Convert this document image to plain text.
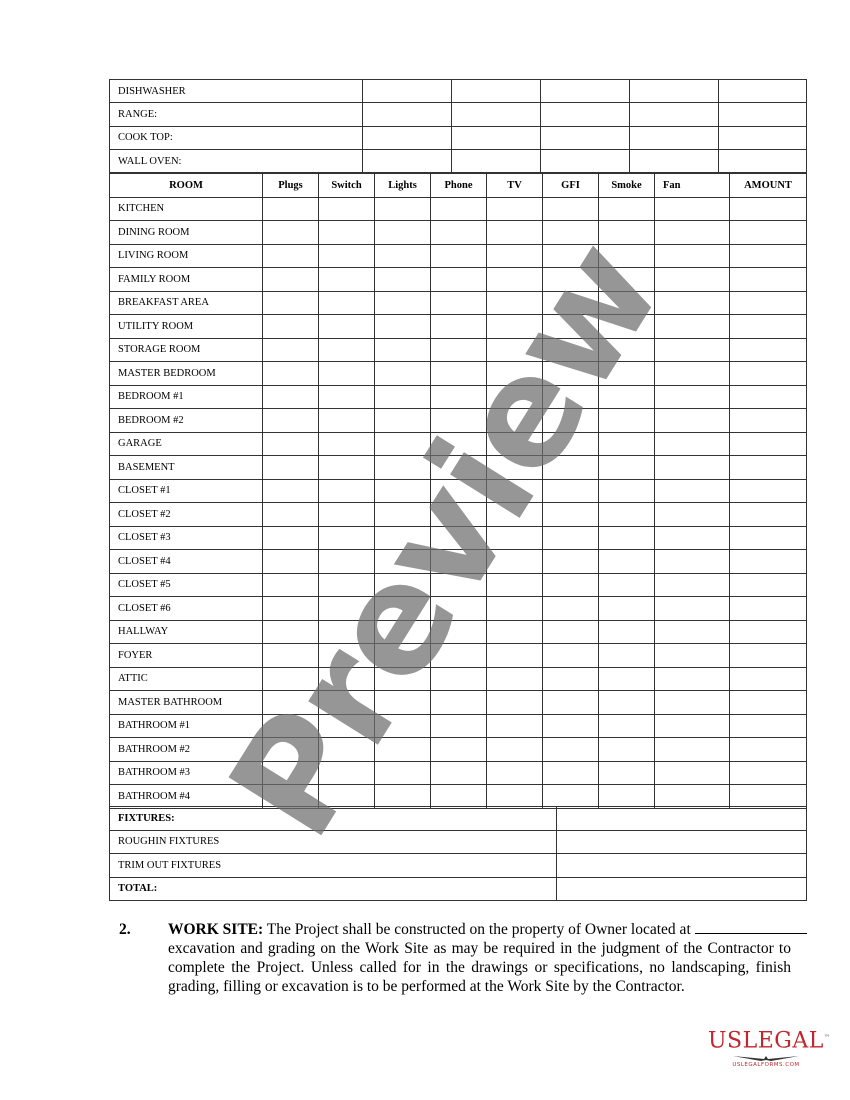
DISHWASHER					
RANGE:					
COOK TOP:					
WALL OVEN:					
ROOM	Plugs	Switch	Lights	Phone	TV	GFI	Smoke	Fan	AMOUNT
KITCHEN									
DINING ROOM									
LIVING ROOM									
FAMILY ROOM									
BREAKFAST AREA									
UTILITY ROOM									
STORAGE ROOM									
MASTER BEDROOM									
BEDROOM #1									
BEDROOM #2									
GARAGE									
BASEMENT									
CLOSET #1									
CLOSET #2									
CLOSET #3									
CLOSET #4									
CLOSET #5									
CLOSET #6									
HALLWAY									
FOYER									
ATTIC									
MASTER BATHROOM									
BATHROOM #1									
BATHROOM #2									
BATHROOM #3									
BATHROOM #4									
FIXTURES:	
ROUGHIN FIXTURES	
TRIM OUT FIXTURES	
TOTAL:	
2. WORK SITE: The Project shall be constructed on the property of Owner located at  excavation and grading on the Work Site as may be required in the judgment of the Contractor to complete the Project. Unless called for in the drawings or specifications, no landscaping, finish grading, filling or excavation is to be performed at the Work Site by the Contractor.
Preview
USLEGAL™
USLEGALFORMS.COM
